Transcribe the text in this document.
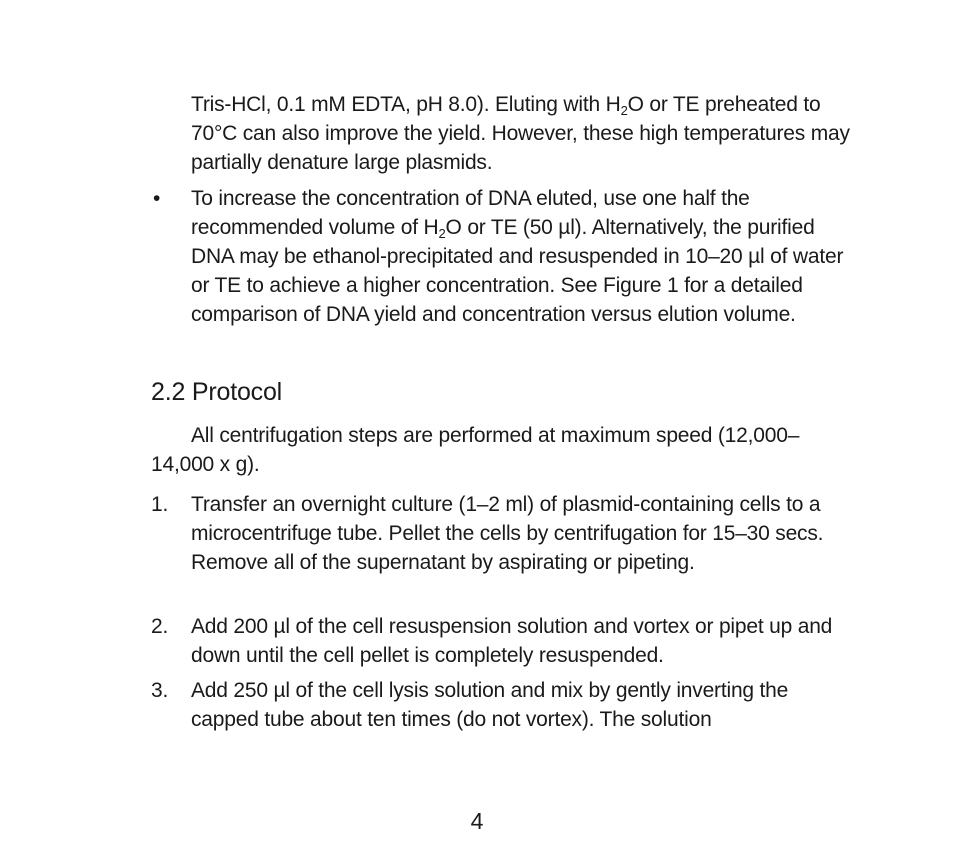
Tris-HCl, 0.1 mM EDTA, pH 8.0). Eluting with $H_2O$ or TE preheated to 70°C can also improve the yield. However, these high temperatures may partially denature large plasmids.

•	To increase the concentration of DNA eluted, use one half the recommended volume of $H_2O$ or TE (50 µl). Alternatively, the purified DNA may be ethanol-precipitated and resuspended in 10–20 µl of water or TE to achieve a higher concentration. See Figure 1 for a detailed comparison of DNA yield and concentration versus elution volume.
2.2 Protocol

All centrifugation steps are performed at maximum speed (12,000–14,000 x g).

1.	Transfer an overnight culture (1–2 ml) of plasmid-containing cells to a microcentrifuge tube. Pellet the cells by centrifugation for 15–30 secs. Remove all of the supernatant by aspirating or pipeting.
2.	Add 200 µl of the cell resuspension solution and vortex or pipet up and down until the cell pellet is completely resuspended.
3.	Add 250 µl of the cell lysis solution and mix by gently inverting the capped tube about ten times (do not vortex). The solution
4
